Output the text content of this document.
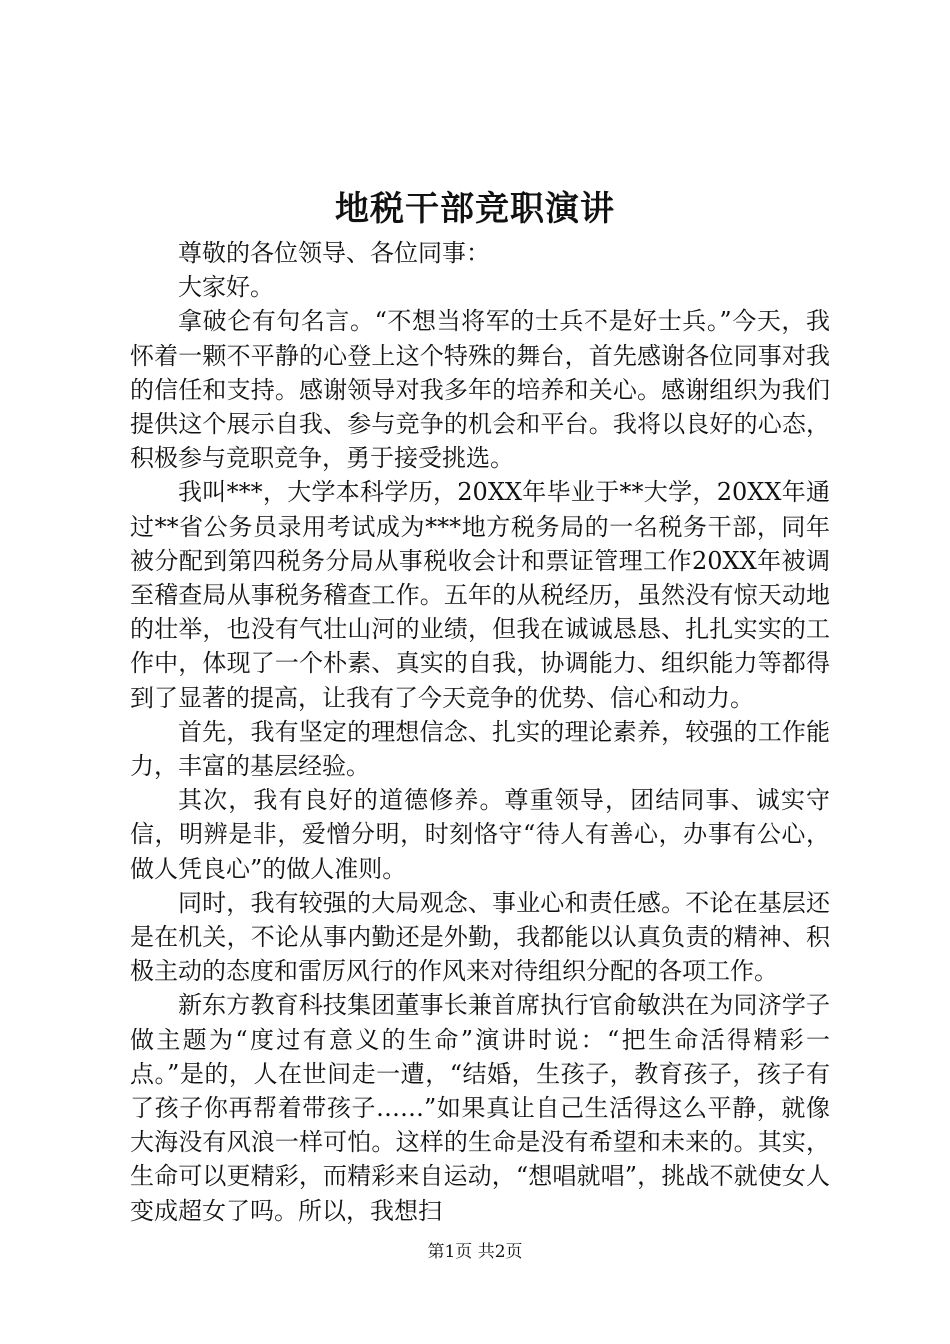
地税干部竞职演讲

尊敬的各位领导、各位同事：

大家好。

拿破仑有句名言。“不想当将军的士兵不是好士兵。”今天，我怀着一颗不平静的心登上这个特殊的舞台，首先感谢各位同事对我的信任和支持。感谢领导对我多年的培养和关心。感谢组织为我们提供这个展示自我、参与竞争的机会和平台。我将以良好的心态，积极参与竞职竞争，勇于接受挑选。

我叫***，大学本科学历，20XX年毕业于**大学，20XX年通过**省公务员录用考试成为***地方税务局的一名税务干部，同年被分配到第四税务分局从事税收会计和票证管理工作20XX年被调至稽查局从事税务稽查工作。五年的从税经历，虽然没有惊天动地的壮举，也没有气壮山河的业绩，但我在诚诚恳恳、扎扎实实的工作中，体现了一个朴素、真实的自我，协调能力、组织能力等都得到了显著的提高，让我有了今天竞争的优势、信心和动力。

首先，我有坚定的理想信念、扎实的理论素养，较强的工作能力，丰富的基层经验。

其次，我有良好的道德修养。尊重领导，团结同事、诚实守信，明辨是非，爱憎分明，时刻恪守“待人有善心，办事有公心，做人凭良心”的做人准则。

同时，我有较强的大局观念、事业心和责任感。不论在基层还是在机关，不论从事内勤还是外勤，我都能以认真负责的精神、积极主动的态度和雷厉风行的作风来对待组织分配的各项工作。

新东方教育科技集团董事长兼首席执行官俞敏洪在为同济学子做主题为“度过有意义的生命”演讲时说：“把生命活得精彩一点。”是的，人在世间走一遭，“结婚，生孩子，教育孩子，孩子有了孩子你再帮着带孩子……”如果真让自己生活得这么平静，就像大海没有风浪一样可怕。这样的生命是没有希望和未来的。其实，生命可以更精彩，而精彩来自运动，“想唱就唱”，挑战不就使女人变成超女了吗。所以，我想扫

第1页 共2页
